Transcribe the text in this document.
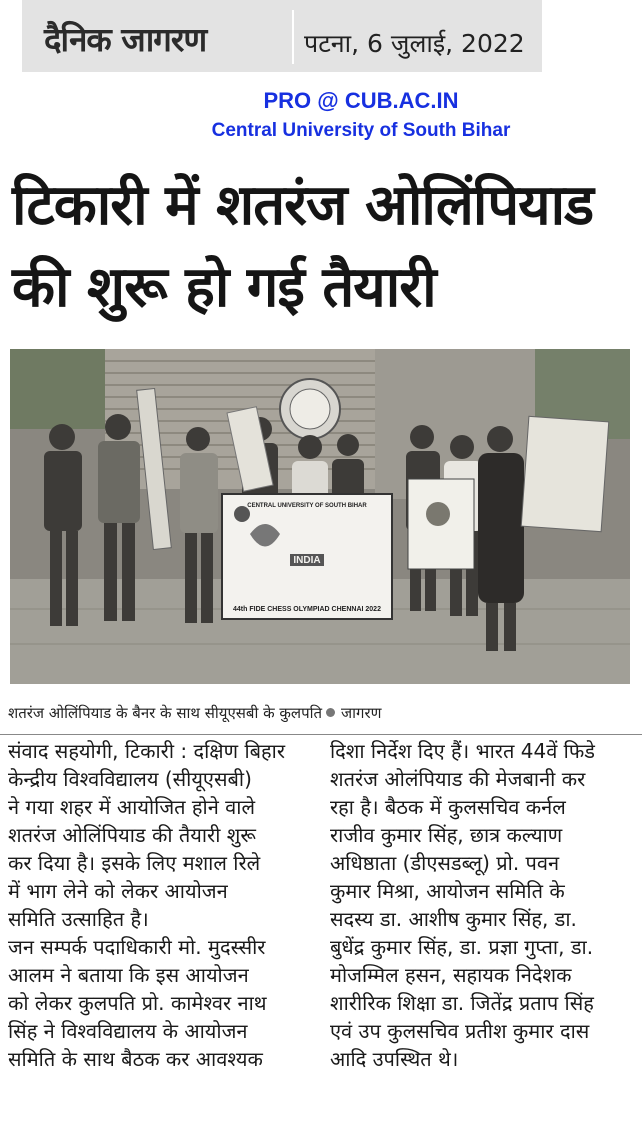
दैनिक जागरण	पटना, 6 जुलाई, 2022
PRO @ CUB.AC.IN
Central University of South Bihar
टिकारी में शतरंज ओलिंपियाड
की शुरू हो गई तैयारी
CENTRAL UNIVERSITY OF SOUTH BIHAR
INDIA
44th FIDE CHESS OLYMPIAD CHENNAI 2022
शतरंज ओलिंपियाड के बैनर के साथ सीयूएसबी के कुलपति जागरण
संवाद सहयोगी, टिकारी : दक्षिण बिहार
केन्द्रीय विश्वविद्यालय (सीयूएसबी)
ने गया शहर में आयोजित होने वाले
शतरंज ओलिंपियाड की तैयारी शुरू
कर दिया है। इसके लिए मशाल रिले
में भाग लेने को लेकर आयोजन
समिति उत्साहित है।
जन सम्पर्क पदाधिकारी मो. मुदस्सीर
आलम ने बताया कि इस आयोजन
को लेकर कुलपति प्रो. कामेश्वर नाथ
सिंह ने विश्वविद्यालय के आयोजन
समिति के साथ बैठक कर आवश्यक
दिशा निर्देश दिए हैं। भारत 44वें फिडे
शतरंज ओलंपियाड की मेजबानी कर
रहा है। बैठक में कुलसचिव कर्नल
राजीव कुमार सिंह, छात्र कल्याण
अधिष्ठाता (डीएसडब्लू) प्रो. पवन
कुमार मिश्रा, आयोजन समिति के
सदस्य डा. आशीष कुमार सिंह, डा.
बुधेंद्र कुमार सिंह, डा. प्रज्ञा गुप्ता, डा.
मोजम्मिल हसन, सहायक निदेशक
शारीरिक शिक्षा डा. जितेंद्र प्रताप सिंह
एवं उप कुलसचिव प्रतीश कुमार दास
आदि उपस्थित थे।
